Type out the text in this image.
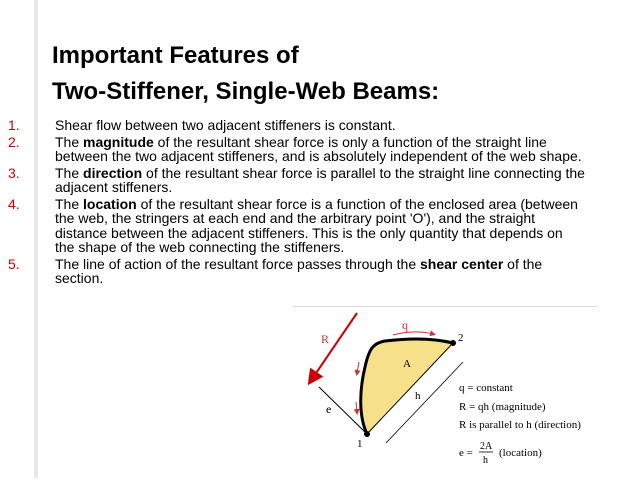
Important Features of
Two-Stiffener, Single-Web Beams:
1.	Shear flow between two adjacent stiffeners is constant.
2.	The magnitude of the resultant shear force is only a function of the straight line between the two adjacent stiffeners, and is absolutely independent of the web shape.
3.	The direction of the resultant shear force is parallel to the straight line connecting the adjacent stiffeners.
4.	The location of the resultant shear force is a function of the enclosed area (between the web, the stringers at each end and the arbitrary point 'O'), and the straight distance between the adjacent stiffeners. This is the only quantity that depends on the shape of the web connecting the stiffeners.
5.	The line of action of the resultant force passes through the shear center of the section.
R
q
2
A
h
e
1
q = constant
R = qh (magnitude)
R is parallel to h (direction)
e =
2A
h
(location)
